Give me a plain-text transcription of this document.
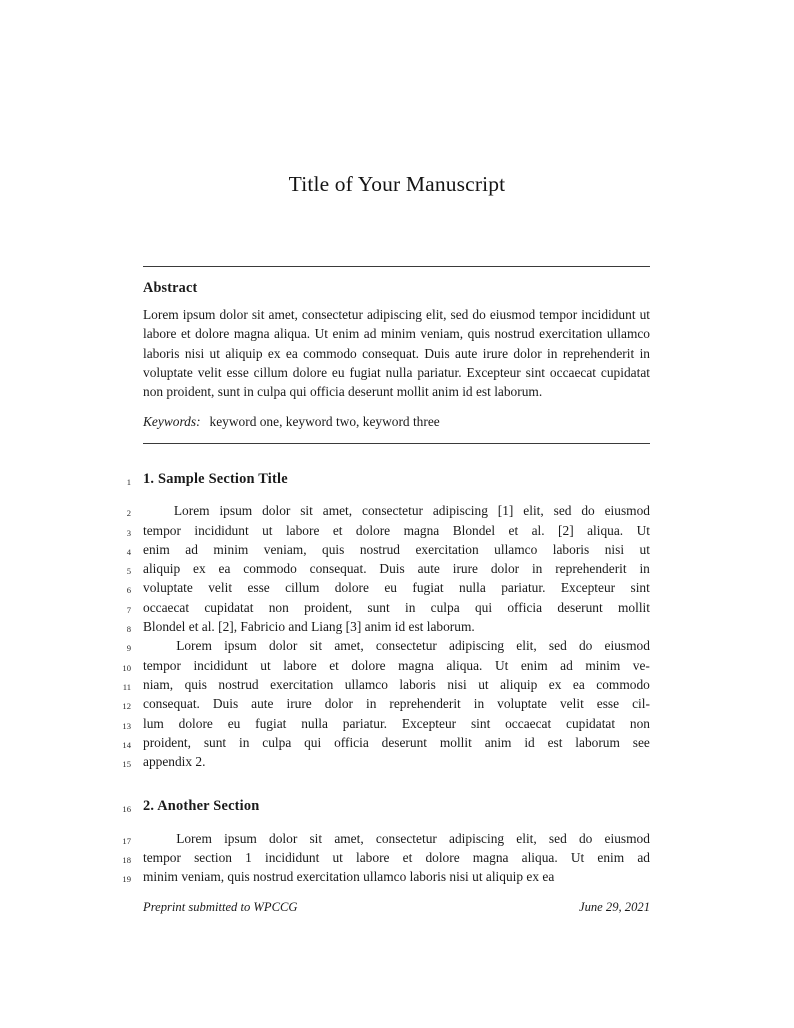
Title of Your Manuscript
Abstract

Lorem ipsum dolor sit amet, consectetur adipiscing elit, sed do eiusmod tempor incididunt ut labore et dolore magna aliqua. Ut enim ad minim veniam, quis nostrud exercitation ullamco laboris nisi ut aliquip ex ea commodo consequat. Duis aute irure dolor in reprehenderit in voluptate velit esse cillum dolore eu fugiat nulla pariatur. Excepteur sint occaecat cupidatat non proident, sunt in culpa qui officia deserunt mollit anim id est laborum.

Keywords: keyword one, keyword two, keyword three
1 1. Sample Section Title
2	Lorem ipsum dolor sit amet, consectetur adipiscing [1] elit, sed do eiusmod
3 tempor incididunt ut labore et dolore magna Blondel et al. [2] aliqua. Ut
4 enim ad minim veniam, quis nostrud exercitation ullamco laboris nisi ut
5 aliquip ex ea commodo consequat. Duis aute irure dolor in reprehenderit in
6 voluptate velit esse cillum dolore eu fugiat nulla pariatur. Excepteur sint
7 occaecat cupidatat non proident, sunt in culpa qui officia deserunt mollit
8 Blondel et al. [2], Fabricio and Liang [3] anim id est laborum.
9	Lorem ipsum dolor sit amet, consectetur adipiscing elit, sed do eiusmod
10 tempor incididunt ut labore et dolore magna aliqua. Ut enim ad minim ve-
11 niam, quis nostrud exercitation ullamco laboris nisi ut aliquip ex ea commodo
12 consequat. Duis aute irure dolor in reprehenderit in voluptate velit esse cil-
13 lum dolore eu fugiat nulla pariatur. Excepteur sint occaecat cupidatat non
14 proident, sunt in culpa qui officia deserunt mollit anim id est laborum see
15 appendix 2.
16 2. Another Section
17	Lorem ipsum dolor sit amet, consectetur adipiscing elit, sed do eiusmod
18 tempor section 1 incididunt ut labore et dolore magna aliqua. Ut enim ad
19 minim veniam, quis nostrud exercitation ullamco laboris nisi ut aliquip ex ea
Preprint submitted to WPCCG	June 29, 2021
